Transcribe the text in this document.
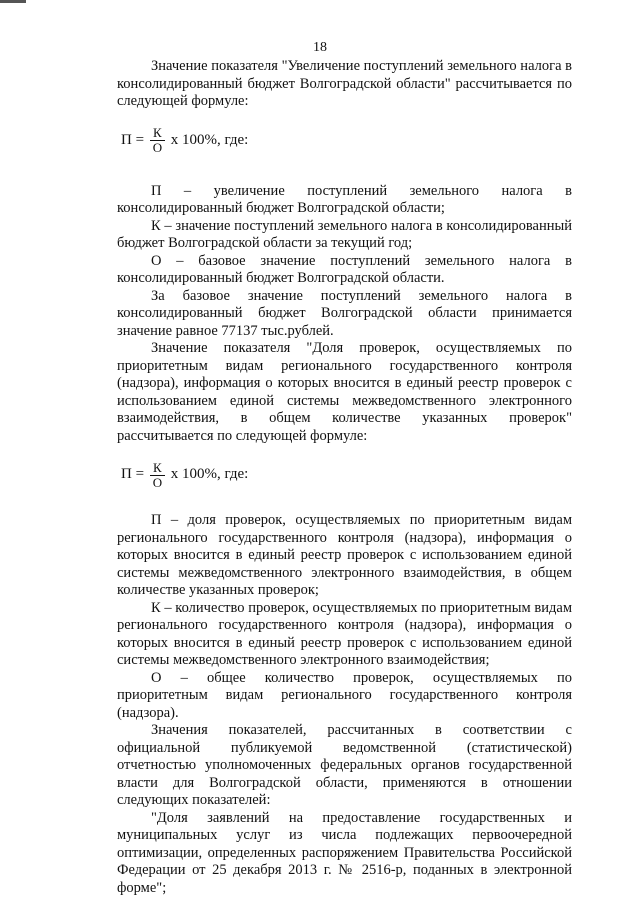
18

Значение показателя "Увеличение поступлений земельного налога в консолидированный бюджет Волгоградской области" рассчитывается по следующей формуле:

$П = \frac{К}{О}$ x 100%, где:

П – увеличение поступлений земельного налога в консолидированный бюджет Волгоградской области;

К – значение поступлений земельного налога в консолидированный бюджет Волгоградской области за текущий год;

О – базовое значение поступлений земельного налога в консолидированный бюджет Волгоградской области.

За базовое значение поступлений земельного налога в консолидированный бюджет Волгоградской области принимается значение равное 77137 тыс.рублей.

Значение показателя "Доля проверок, осуществляемых по приоритетным видам регионального государственного контроля (надзора), информация о которых вносится в единый реестр проверок с использованием единой системы межведомственного электронного взаимодействия, в общем количестве указанных проверок" рассчитывается по следующей формуле:

$П = \frac{К}{О}$ x 100%, где:

П – доля проверок, осуществляемых по приоритетным видам регионального государственного контроля (надзора), информация о которых вносится в единый реестр проверок с использованием единой системы межведомственного электронного взаимодействия, в общем количестве указанных проверок;

К – количество проверок, осуществляемых по приоритетным видам регионального государственного контроля (надзора), информация о которых вносится в единый реестр проверок с использованием единой системы межведомственного электронного взаимодействия;

О – общее количество проверок, осуществляемых по приоритетным видам регионального государственного контроля (надзора).

Значения показателей, рассчитанных в соответствии с официальной публикуемой ведомственной (статистической) отчетностью уполномоченных федеральных органов государственной власти для Волгоградской области, применяются в отношении следующих показателей:

"Доля заявлений на предоставление государственных и муниципальных услуг из числа подлежащих первоочередной оптимизации, определенных распоряжением Правительства Российской Федерации от 25 декабря 2013 г. № 2516-р, поданных в электронной форме";
